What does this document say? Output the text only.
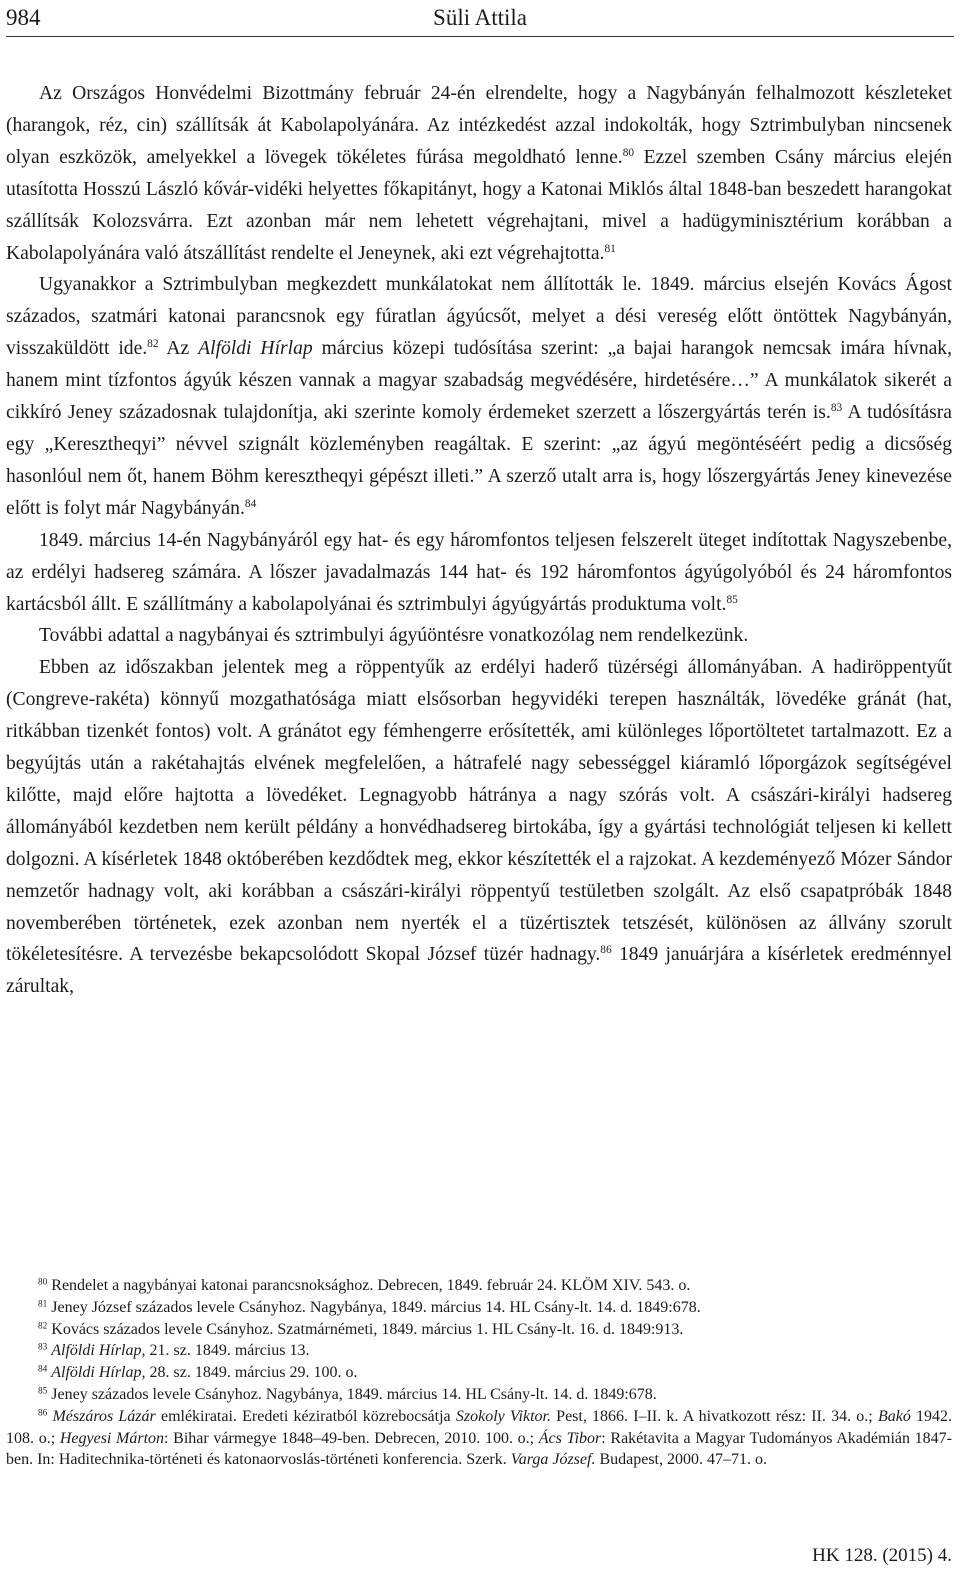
984	Süli Attila

Az Országos Honvédelmi Bizottmány február 24-én elrendelte, hogy a Nagybányán felhalmozott készleteket (harangok, réz, cin) szállítsák át Kabolapolyánára. Az intézkedést azzal indokolták, hogy Sztrimbulyban nincsenek olyan eszközök, amelyekkel a lövegek tökéletes fúrása megoldható lenne.$^{80}$ Ezzel szemben Csány március elején utasította Hosszú László kővár-vidéki helyettes főkapitányt, hogy a Katonai Miklós által 1848-ban beszedett harangokat szállítsák Kolozsvárra. Ezt azonban már nem lehetett végrehajtani, mivel a hadügyminisztérium korábban a Kabolapolyánára való átszállítást rendelte el Jeneynek, aki ezt végrehajtotta.$^{81}$

Ugyanakkor a Sztrimbulyban megkezdett munkálatokat nem állították le. 1849. március elsején Kovács Ágost százados, szatmári katonai parancsnok egy fúratlan ágyúcsőt, melyet a dési vereség előtt öntöttek Nagybányán, visszaküldött ide.$^{82}$ Az Alföldi Hírlap március közepi tudósítása szerint: „a bajai harangok nemcsak imára hívnak, hanem mint tízfontos ágyúk készen vannak a magyar szabadság megvédésére, hirdetésére…” A munkálatok sikerét a cikkíró Jeney századosnak tulajdonítja, aki szerinte komoly érdemeket szerzett a lőszergyártás terén is.$^{83}$ A tudósításra egy „Keresztheqyi” névvel szignált közleményben reagáltak. E szerint: „az ágyú megöntéséért pedig a dicsőség hasonlóul nem őt, hanem Böhm keresztheqyi gépészt illeti.” A szerző utalt arra is, hogy lőszergyártás Jeney kinevezése előtt is folyt már Nagybányán.$^{84}$

1849. március 14-én Nagybányáról egy hat- és egy háromfontos teljesen felszerelt üteget indítottak Nagyszebenbe, az erdélyi hadsereg számára. A lőszer javadalmazás 144 hat- és 192 háromfontos ágyúgolyóból és 24 háromfontos kartácsból állt. E szállítmány a kabolapolyánai és sztrimbulyi ágyúgyártás produktuma volt.$^{85}$

További adattal a nagybányai és sztrimbulyi ágyúöntésre vonatkozólag nem rendelkezünk.

Ebben az időszakban jelentek meg a röppentyűk az erdélyi haderő tüzérségi állományában. A hadiröppentyűt (Congreve-rakéta) könnyű mozgathatósága miatt elsősorban hegyvidéki terepen használták, lövedéke gránát (hat, ritkábban tizenkét fontos) volt. A gránátot egy fémhengerre erősítették, ami különleges lőportöltetet tartalmazott. Ez a begyújtás után a rakétahajtás elvének megfelelően, a hátrafelé nagy sebességgel kiáramló lőporgázok segítségével kilőtte, majd előre hajtotta a lövedéket. Legnagyobb hátránya a nagy szórás volt. A császári-királyi hadsereg állományából kezdetben nem került példány a honvédhadsereg birtokába, így a gyártási technológiát teljesen ki kellett dolgozni. A kísérletek 1848 októberében kezdődtek meg, ekkor készítették el a rajzokat. A kezdeményező Mózer Sándor nemzetőr hadnagy volt, aki korábban a császári-királyi röppentyű testületben szolgált. Az első csapatpróbák 1848 novemberében történetek, ezek azonban nem nyerték el a tüzértisztek tetszését, különösen az állvány szorult tökéletesítésre. A tervezésbe bekapcsolódott Skopal József tüzér hadnagy.$^{86}$ 1849 januárjára a kísérletek eredménnyel zárultak,

$^{80}$ Rendelet a nagybányai katonai parancsnoksághoz. Debrecen, 1849. február 24. KLÖM XIV. 543. o.

$^{81}$ Jeney József százados levele Csányhoz. Nagybánya, 1849. március 14. HL Csány-lt. 14. d. 1849:678.

$^{82}$ Kovács százados levele Csányhoz. Szatmárnémeti, 1849. március 1. HL Csány-lt. 16. d. 1849:913.

$^{83}$ Alföldi Hírlap, 21. sz. 1849. március 13.

$^{84}$ Alföldi Hírlap, 28. sz. 1849. március 29. 100. o.

$^{85}$ Jeney százados levele Csányhoz. Nagybánya, 1849. március 14. HL Csány-lt. 14. d. 1849:678.

$^{86}$ Mészáros Lázár emlékiratai. Eredeti kéziratból közrebocsátja Szokoly Viktor. Pest, 1866. I–II. k. A hivatkozott rész: II. 34. o.; Bakó 1942. 108. o.; Hegyesi Márton: Bihar vármegye 1848–49-ben. Debrecen, 2010. 100. o.; Ács Tibor: Rakétavita a Magyar Tudományos Akadémián 1847-ben. In: Haditechnika-történeti és katonaorvoslás-történeti konferencia. Szerk. Varga József. Budapest, 2000. 47–71. o.

HK 128. (2015) 4.
